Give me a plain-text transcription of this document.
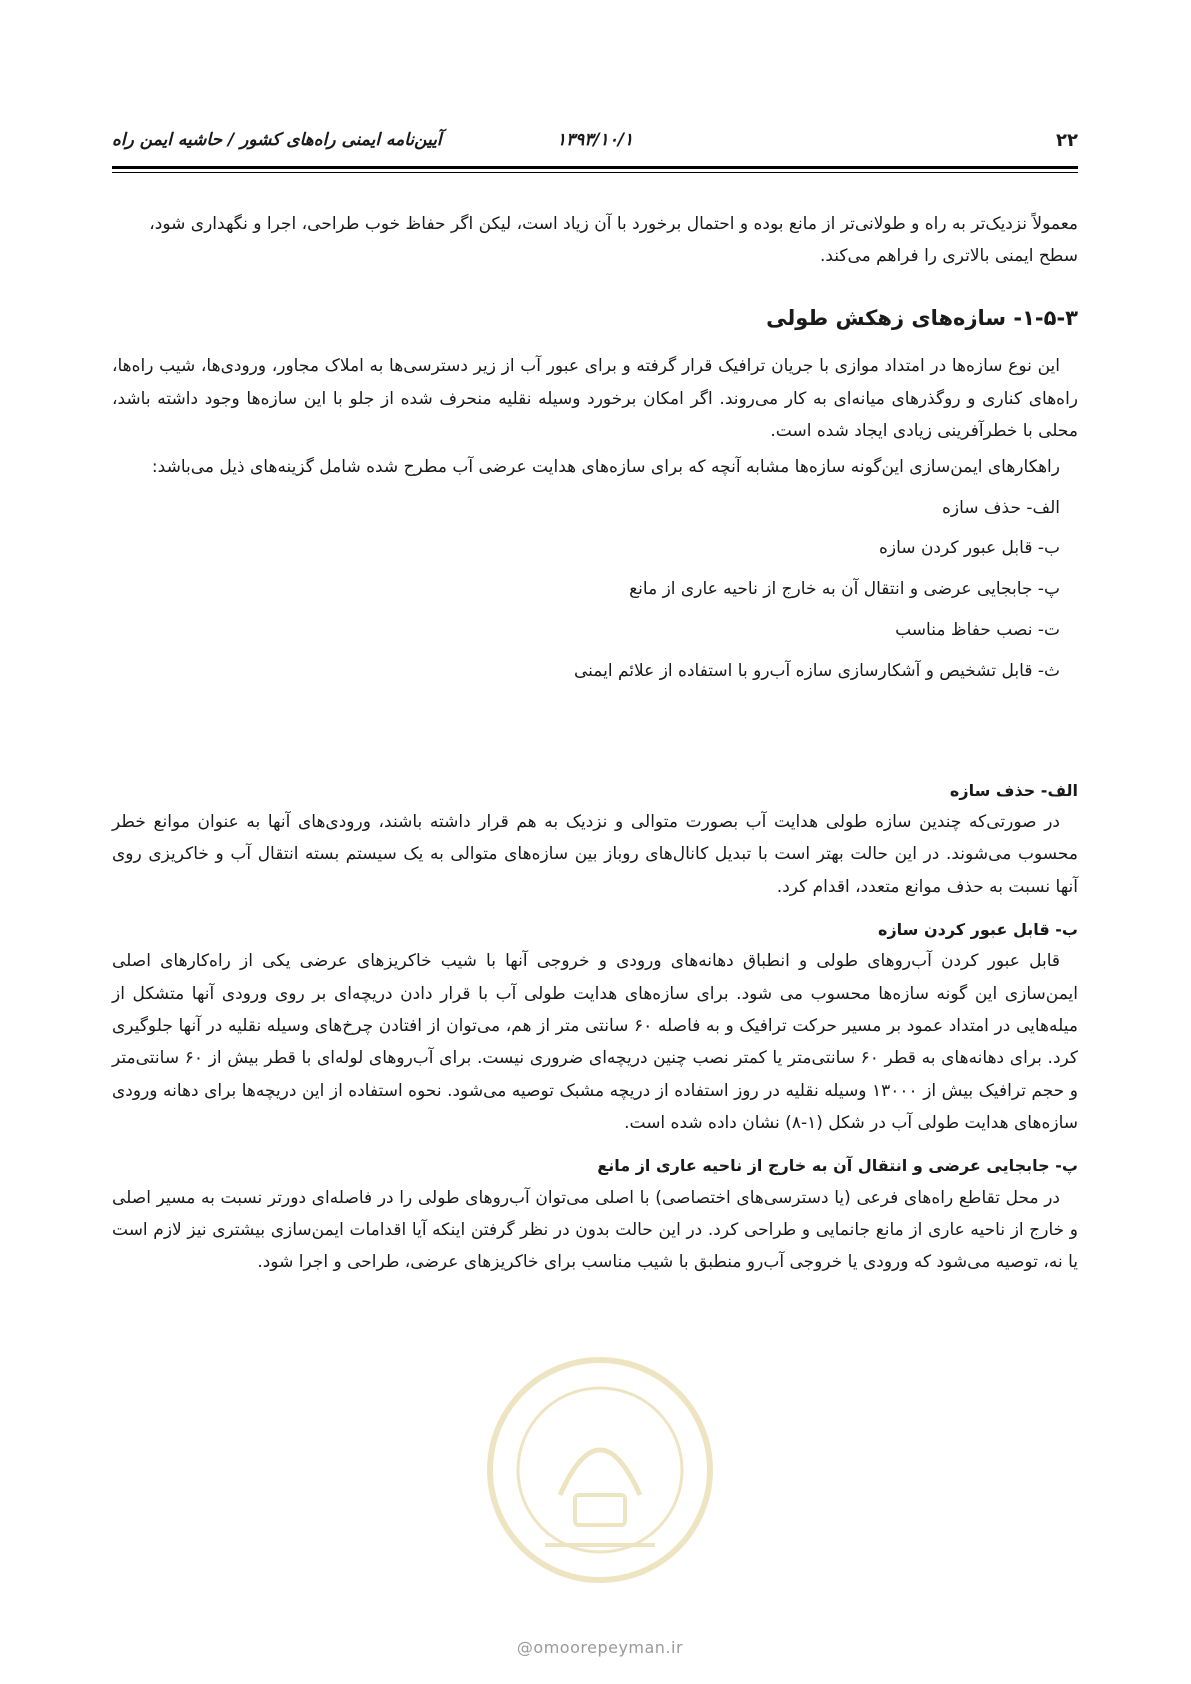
۲۲
۱۳۹۳/۱۰/۱
آیین‌نامه ایمنی راه‌های کشور / حاشیه ایمن راه

معمولاً نزدیک‌تر به راه و طولانی‌تر از مانع بوده و احتمال برخورد با آن زیاد است، لیکن اگر حفاظ خوب طراحی، اجرا و نگهداری شود،

سطح ایمنی بالاتری را فراهم می‌کند.

۱-۵-۳- سازه‌های زهکش طولی

این نوع سازه‌ها در امتداد موازی با جریان ترافیک قرار گرفته و برای عبور آب از زیر دسترسی‌ها به املاک مجاور، ورودی‌ها، شیب راه‌ها، راه‌های کناری و روگذرهای میانه‌ای به کار می‌روند. اگر امکان برخورد وسیله نقلیه منحرف شده از جلو با این سازه‌ها وجود داشته باشد، محلی با خطرآفرینی زیادی ایجاد شده است.

راهکارهای ایمن‌سازی این‌گونه سازه‌ها مشابه آنچه که برای سازه‌های هدایت عرضی آب مطرح شده شامل گزینه‌های ذیل می‌باشد:

الف- حذف سازه

ب- قابل عبور کردن سازه

پ- جابجایی عرضی و انتقال آن به خارج از ناحیه عاری از مانع

ت- نصب حفاظ مناسب

ث- قابل تشخیص و آشکارسازی سازه آب‌رو با استفاده از علائم ایمنی

الف- حذف سازه

در صورتی‌که چندین سازه طولی هدایت آب بصورت متوالی و نزدیک به هم قرار داشته باشند، ورودی‌های آنها به عنوان موانع خطر محسوب می‌شوند. در این حالت بهتر است با تبدیل کانال‌های روباز بین سازه‌های متوالی به یک سیستم بسته انتقال آب و خاکریزی روی آنها نسبت به حذف موانع متعدد، اقدام کرد.

ب- قابل عبور کردن سازه

قابل عبور کردن آب‌روهای طولی و انطباق دهانه‌های ورودی و خروجی آنها با شیب خاکریزهای عرضی یکی از راه‌کارهای اصلی ایمن‌سازی این گونه سازه‌ها محسوب می شود. برای سازه‌های هدایت طولی آب با قرار دادن دریچه‌ای بر روی ورودی آنها متشکل از میله‌هایی در امتداد عمود بر مسیر حرکت ترافیک و به فاصله ۶۰ سانتی متر از هم، می‌توان از افتادن چرخ‌های وسیله نقلیه در آنها جلوگیری کرد. برای دهانه‌های به قطر ۶۰ سانتی‌متر یا کمتر نصب چنین دریچه‌ای ضروری نیست. برای آب‌روهای لوله‌ای با قطر بیش از ۶۰ سانتی‌متر و حجم ترافیک بیش از ۱۳۰۰۰ وسیله نقلیه در روز استفاده از دریچه مشبک توصیه می‌شود. نحوه استفاده از این دریچه‌ها برای دهانه ورودی سازه‌های هدایت طولی آب در شکل (۱-۸) نشان داده شده است.

پ- جابجایی عرضی و انتقال آن به خارج از ناحیه عاری از مانع

در محل تقاطع راه‌های فرعی (یا دسترسی‌های اختصاصی) با اصلی می‌توان آب‌روهای طولی را در فاصله‌ای دورتر نسبت به مسیر اصلی و خارج از ناحیه عاری از مانع جانمایی و طراحی کرد. در این حالت بدون در نظر گرفتن اینکه آیا اقدامات ایمن‌سازی بیشتری نیز لازم است یا نه، توصیه می‌شود که ورودی یا خروجی آب‌رو منطبق با شیب مناسب برای خاکریزهای عرضی، طراحی و اجرا شود.

@omoorepeyman.ir
